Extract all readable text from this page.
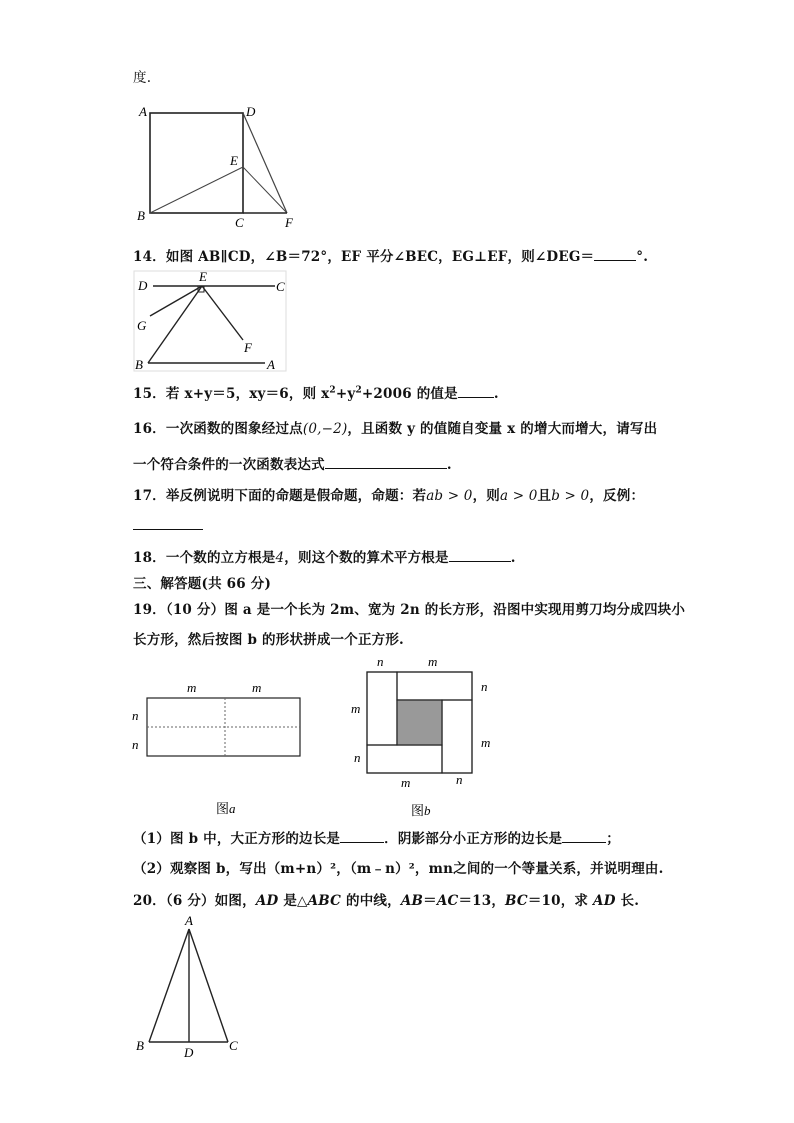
度.
A	D
E
B	C	F
14．如图 AB∥CD，∠B＝72°，EF 平分∠BEC，EG⊥EF，则∠DEG＝	°.
D
E
C
G
F
B	A
15．若 x+y＝5，xy＝6，则 $x^2+y^2+2006$ 的值是	.
16．一次函数的图象经过点(0,−2)，且函数 y 的值随自变量 x 的增大而增大，请写出
一个符合条件的一次函数表达式	.
17．举反例说明下面的命题是假命题，命题：若ab > 0，则a > 0且b > 0，反例：
18．一个数的立方根是4，则这个数的算术平方根是	.
三、解答题(共 66 分)
19．（10 分）图 a 是一个长为 2m、宽为 2n 的长方形，沿图中实现用剪刀均分成四块小
长方形，然后按图 b 的形状拼成一个正方形.
m	m
n
n
图a
n	m
n
m
m
n
m	n
图b
（1）图 b 中，大正方形的边长是	．阴影部分小正方形的边长是	；
（2）观察图 b，写出（m+n）²，（m﹣n）²，mn之间的一个等量关系，并说明理由.
20．（6 分）如图，AD 是△ABC 的中线，AB＝AC＝13，BC＝10，求 AD 长.
A
B	D	C
